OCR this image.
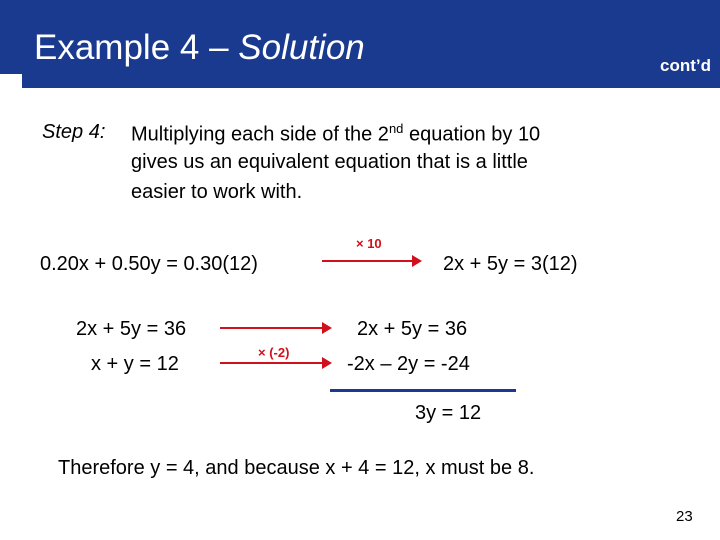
Example 4 – Solution	cont’d
Step 4: Multiplying each side of the 2nd equation by 10
gives us an equivalent equation that is a little
easier to work with.
0.20x + 0.50y = 0.30(12)
× 10
2x + 5y = 3(12)
2x + 5y = 36
x + y = 12
× (-2)
2x + 5y = 36
-2x – 2y = -24
3y = 12
Therefore y = 4, and because x + 4 = 12, x must be 8.
23
